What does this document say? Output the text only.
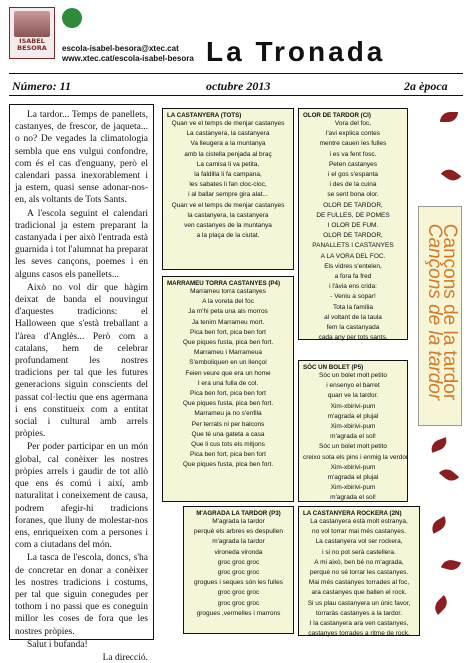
ISABEL BESORA	escola-isabel-besora@xtec.cat
www.xtec.cat/escola-isabel-besora La Tronada
Número: 11	octubre 2013	2a època

La tardor... Temps de panellets, castanyes, de frescor, de jaqueta... o no? De vegades la climatologia sembla que ens vulgui confondre, com és el cas d'enguany, però el calendari passa inexorablement i ja estem, quasi sense adonar-nos-en, als voltants de Tots Sants.

A l'escola seguint el calendari tradicional ja estem preparant la castanyada i per això l'entrada està guarnida i tot l'alumnat ha preparat les seves cançons, poemes i en alguns casos els panellets...

Això no vol dir que hàgim deixat de banda el nouvingut d'aquestes tradicions: el Halloween que s'està treballant a l'àrea d'Anglès... Però com a catalans, hem de celebrar profundament les nostres tradicions per tal que les futures generacions siguin conscients del passat col·lectiu que ens agermana i ens constitueix com a entitat social i cultural amb arrels pròpies.

Per poder participar en un món global, cal conèixer les nostres pròpies arrels i gaudir de tot allò que ens és comú i així, amb naturalitat i coneixement de causa, podrem afegir-hi tradicions foranes, que lluny de molestar-nos ens, enriqueixen com a persones i com a ciutadans del món.

La tasca de l'escola, doncs, s'ha de concretar en donar a conèixer les nostres tradicions i costums, per tal que siguin conegudes per tothom i no passi que es coneguin millor les coses de fora que les nostres pròpies.

Salut i bufanda!

La direcció.
LA CASTANYERA (TOTS)
Quan ve el temps de menjar castanyes
La castanyera, la castanyera
Va lleugera a la muntanya
amb la cistella penjada al braç
La camisa li va petita,
la faldilla li fa campana,
les sabates li fan cloc-cloc,
i al ballar sempre gira alat...
Quan ve el temps de menjar castanyes
la castanyera, la castanyera
ven castanyes de la muntanya
a la plaça de la ciutat.
MARRAMEU TORRA CASTANYES (P4)
Marrameu torra castanyes
A la voreta del foc
Ja m'hi peta una als morros
Ja tenim Marrameu mort.
Pica ben fort, pica ben fort
Que piques fusta, pica ben fort.
Marrameu i Marrameua
S'emboliquen en un llençol
Feien veure que era un home
I era una fulla de col.
Pica ben fort, pica ben fort
Que piques fusta, pica ben fort.
Marrameu ja no s'enfila
Per terrats ni per balcons
Que té una gateta a casa
Que li cus tots els mitjons
Pica ben fort, pica ben fort
Que piques fusta, pica ben fort.
M'AGRADA LA TARDOR (P3)
M'agrada la tardor
perquè els arbres es despullen
m'agrada la tardor
vironeda vironda
groc groc groc
groc groc groc
grogues i seques són les fulles
groc groc groc
groc groc groc
grogues ,vermelles i marrons
OLOR DE TARDOR (CI)
Vora del foc,
l'avi explica contes
mentre cauen les fulles
i es va fent fosc.
Peten castanyes
i el gos s'espanta
i des de la cuina
se sent bona olor.
OLOR DE TARDOR,
DE FULLES, DE POMES
I OLOR DE FUM.
OLOR DE TARDOR,
PANALLETS I CASTANYES
A LA VORA DEL FOC.
Els vidres s'entelen,
a fora fa fred
i l'àvia ens crida:
- Veniu a sopar!
Tota la família
al voltant de la taula
fem la castanyada
cada any per tots sants.
SÓC UN BOLET (P5)
Sóc un bolet molt petito
i ensenyo el barret
quan ve la tardor.
Xim-xbirivi-pum
m'agrada el plujal
Xim-xbirivi-pum
m'agrada el sol!
Sóc un bolet molt petito
creixo sota els pins i enmig la verdor
Xim-xbirivi-pum
m'agrada el plujal
Xim-xbirivi-pum
m'agrada el sol!
LA CASTANYERA ROCKERA (2N)
La castanyera està molt estranya,
no vol torrar mai més castanyes.
La castanyera vol ser rockera,
i si no pot serà castellera.
A mi això, ben bé no m'agrada,
perquè no sé torrar les castanyes.
Mai més castanyes torrades al foc,
ara castanyes que ballen el rock.
Si us plau castanyera un únic favor,
torraràs castanyes a la tardor.
I la castanyera ara ven castanyes,
castanyes torrades a ritme de rock.
Cançons de la tardor
Cançons de la tardor
